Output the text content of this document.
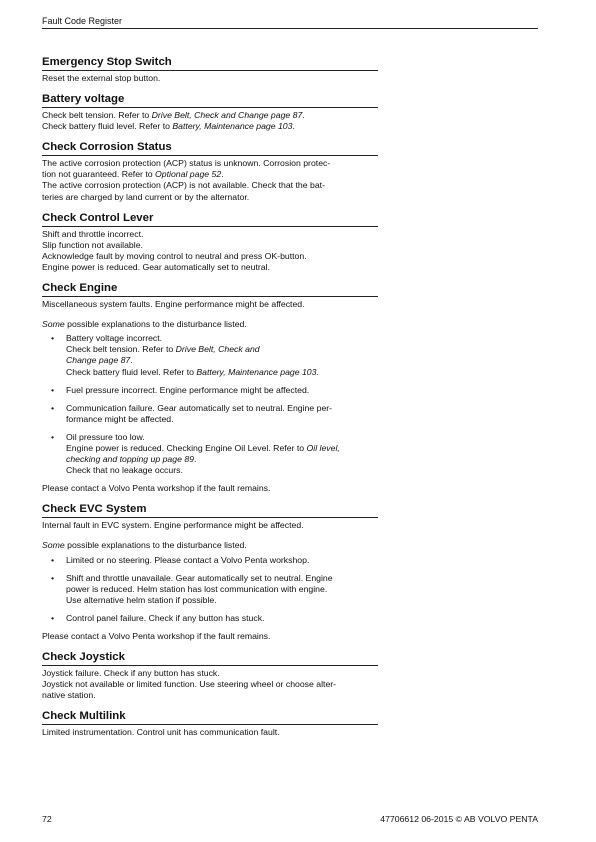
Fault Code Register
Emergency Stop Switch

Reset the external stop button.

Battery voltage

Check belt tension. Refer to Drive Belt, Check and Change page 87.

Check battery fluid level. Refer to Battery, Maintenance page 103.

Check Corrosion Status

The active corrosion protection (ACP) status is unknown. Corrosion protec-

tion not guaranteed. Refer to Optional page 52.

The active corrosion protection (ACP) is not available. Check that the bat-

teries are charged by land current or by the alternator.

Check Control Lever

Shift and throttle incorrect.

Slip function not available.

Acknowledge fault by moving control to neutral and press OK-button.

Engine power is reduced. Gear automatically set to neutral.

Check Engine

Miscellaneous system faults. Engine performance might be affected.

Some possible explanations to the disturbance listed.

• Battery voltage incorrect.

Check belt tension. Refer to Drive Belt, Check and

Change page 87.

Check battery fluid level. Refer to Battery, Maintenance page 103.

• Fuel pressure incorrect. Engine performance might be affected.

• Communication failure. Gear automatically set to neutral. Engine per-

formance might be affected.

• Oil pressure too low.

Engine power is reduced. Checking Engine Oil Level. Refer to Oil level,

checking and topping up page 89.

Check that no leakage occurs.

Please contact a Volvo Penta workshop if the fault remains.

Check EVC System

Internal fault in EVC system. Engine performance might be affected.

Some possible explanations to the disturbance listed.

• Limited or no steering. Please contact a Volvo Penta workshop.

• Shift and throttle unavailale. Gear automatically set to neutral. Engine

power is reduced. Helm station has lost communication with engine.

Use alternative helm station if possible.

• Control panel failure. Check if any button has stuck.

Please contact a Volvo Penta workshop if the fault remains.

Check Joystick

Joystick failure. Check if any button has stuck.

Joystick not available or limited function. Use steering wheel or choose alter-

native station.

Check Multilink

Limited instrumentation. Control unit has communication fault.

72	47706612 06-2015 © AB VOLVO PENTA
